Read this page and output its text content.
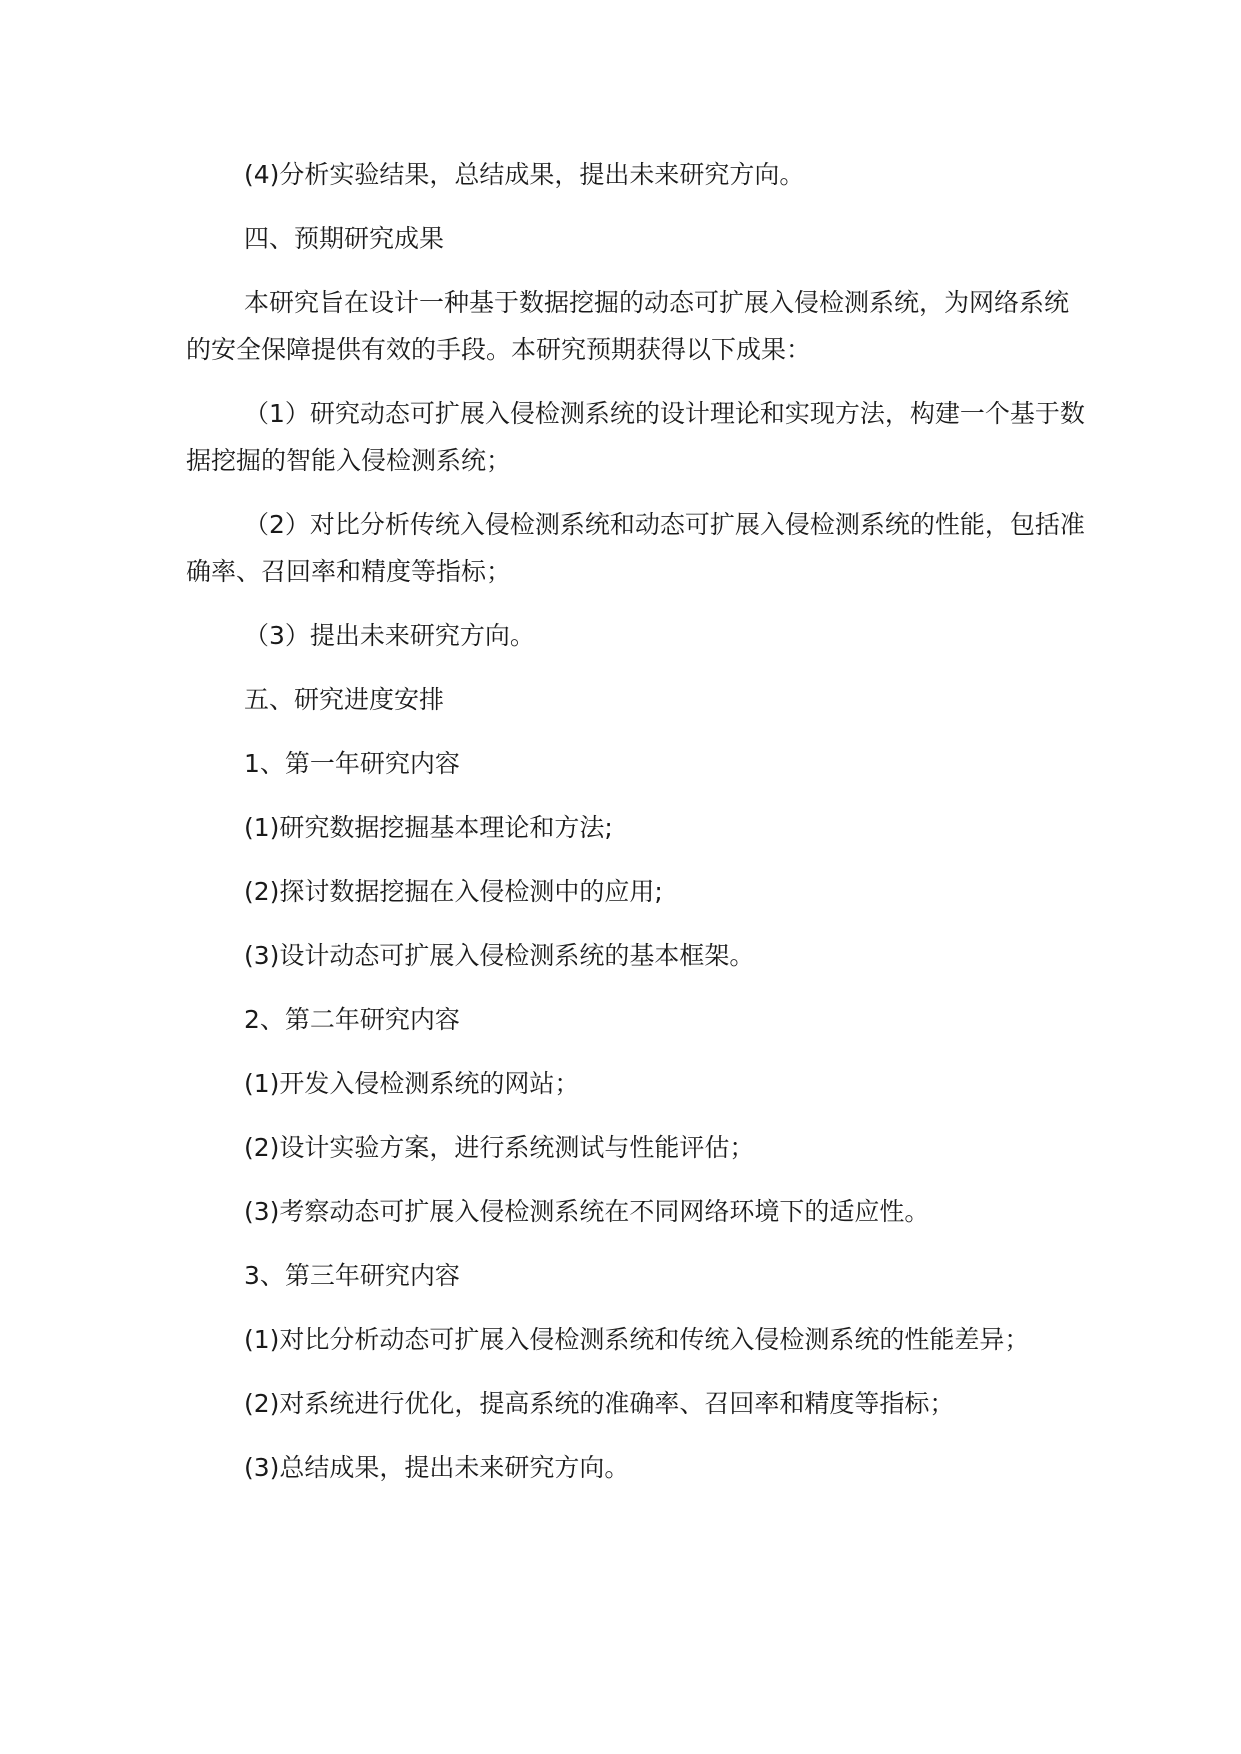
(4)分析实验结果，总结成果，提出未来研究方向。

四、预期研究成果

本研究旨在设计一种基于数据挖掘的动态可扩展入侵检测系统，为网络系统的安全保障提供有效的手段。本研究预期获得以下成果：

（1）研究动态可扩展入侵检测系统的设计理论和实现方法，构建一个基于数据挖掘的智能入侵检测系统；

（2）对比分析传统入侵检测系统和动态可扩展入侵检测系统的性能，包括准确率、召回率和精度等指标；

（3）提出未来研究方向。

五、研究进度安排

1、第一年研究内容

(1)研究数据挖掘基本理论和方法;

(2)探讨数据挖掘在入侵检测中的应用;

(3)设计动态可扩展入侵检测系统的基本框架。

2、第二年研究内容

(1)开发入侵检测系统的网站；

(2)设计实验方案，进行系统测试与性能评估；

(3)考察动态可扩展入侵检测系统在不同网络环境下的适应性。

3、第三年研究内容

(1)对比分析动态可扩展入侵检测系统和传统入侵检测系统的性能差异；

(2)对系统进行优化，提高系统的准确率、召回率和精度等指标；

(3)总结成果，提出未来研究方向。
